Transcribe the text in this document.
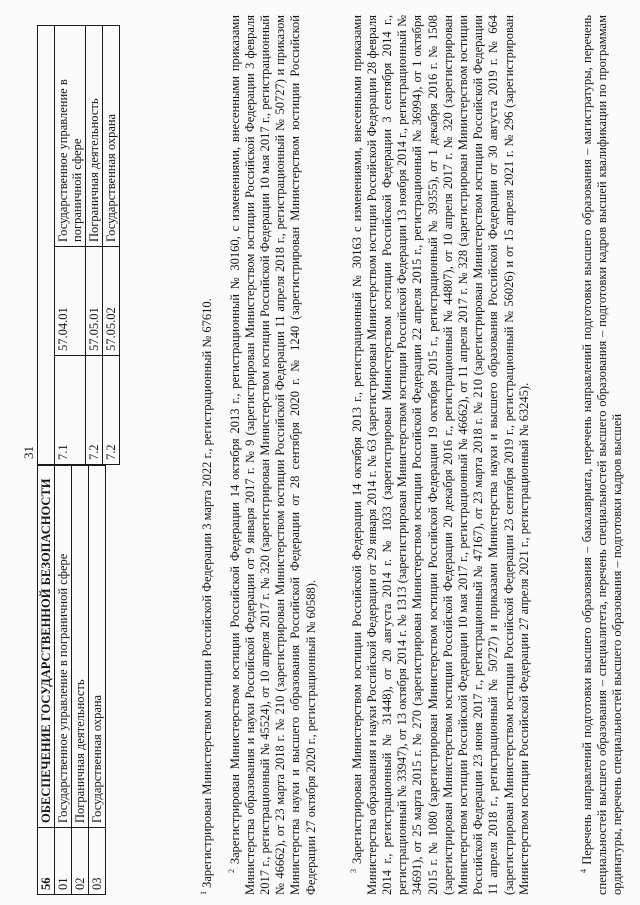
31
56	ОБЕСПЕЧЕНИЕ ГОСУДАРСТВЕННОЙ БЕЗОПАСНОСТИ
01	Государственное управление в пограничной сфере
02	Пограничная деятельность
03	Государственная охрана

7.1	57.04.01	Государственное управление в пограничной сфере
7.2	57.05.01	Пограничная деятельность
7.2	57.05.02	Государственная охрана

$^1$ Зарегистрирован Министерством юстиции Российской Федерации 3 марта 2022 г., регистрационный № 67610.	$^2$ Зарегистрирован Министерством юстиции Российской Федерации 14 октября 2013 г., регистрационный № 30160, с изменениями, внесенными приказами Министерства образования и науки Российской Федерации от 9 января 2017 г. № 9 (зарегистрирован Министерством юстиции Российской Федерации 3 февраля 2017 г., регистрационный № 45524), от 10 апреля 2017 г. № 320 (зарегистрирован Министерством юстиции Российской Федерации 10 мая 2017 г., регистрационный № 46662), от 23 марта 2018 г. № 210 (зарегистрирован Министерством юстиции Российской Федерации 11 апреля 2018 г., регистрационный № 50727) и приказом Министерства науки и высшего образования Российской Федерации от 28 сентября 2020 г. № 1240 (зарегистрирован Министерством юстиции Российской Федерации 27 октября 2020 г., регистрационный № 60588).	$^3$ Зарегистрирован Министерством юстиции Российской Федерации 14 октября 2013 г., регистрационный № 30163 с изменениями, внесенными приказами Министерства образования и науки Российской Федерации от 29 января 2014 г. № 63 (зарегистрирован Министерством юстиции Российской Федерации 28 февраля 2014 г., регистрационный № 31448), от 20 августа 2014 г. № 1033 (зарегистрирован Министерством юстиции Российской Федерации 3 сентября 2014 г., регистрационный № 33947), от 13 октября 2014 г. № 1313 (зарегистрирован Министерством юстиции Российской Федерации 13 ноября 2014 г., регистрационный № 34691), от 25 марта 2015 г. № 270 (зарегистрирован Министерством юстиции Российской Федерации 22 апреля 2015 г., регистрационный № 36994), от 1 октября 2015 г. № 1080 (зарегистрирован Министерством юстиции Российской Федерации 19 октября 2015 г., регистрационный № 39355), от 1 декабря 2016 г. № 1508 (зарегистрирован Министерством юстиции Российской Федерации 20 декабря 2016 г., регистрационный № 44807), от 10 апреля 2017 г. № 320 (зарегистрирован Министерством юстиции Российской Федерации 10 мая 2017 г., регистрационный № 46662), от 11 апреля 2017 г. № 328 (зарегистрирован Министерством юстиции Российской Федерации 23 июня 2017 г., регистрационный № 47167), от 23 марта 2018 г. № 210 (зарегистрирован Министерством юстиции Российской Федерации 11 апреля 2018 г., регистрационный № 50727) и приказами Министерства науки и высшего образования Российской Федерации от 30 августа 2019 г. № 664 (зарегистрирован Министерством юстиции Российской Федерации 23 сентября 2019 г., регистрационный № 56026) и от 15 апреля 2021 г. № 296 (зарегистрирован Министерством юстиции Российской Федерации 27 апреля 2021 г., регистрационный № 63245).	$^4$ Перечень направлений подготовки высшего образования – бакалавриата, перечень направлений подготовки высшего образования – магистратуры, перечень специальностей высшего образования – специалитета, перечень специальностей высшего образования – подготовки кадров высшей квалификации по программам ординатуры, перечень специальностей высшего образования – подготовки кадров высшей
